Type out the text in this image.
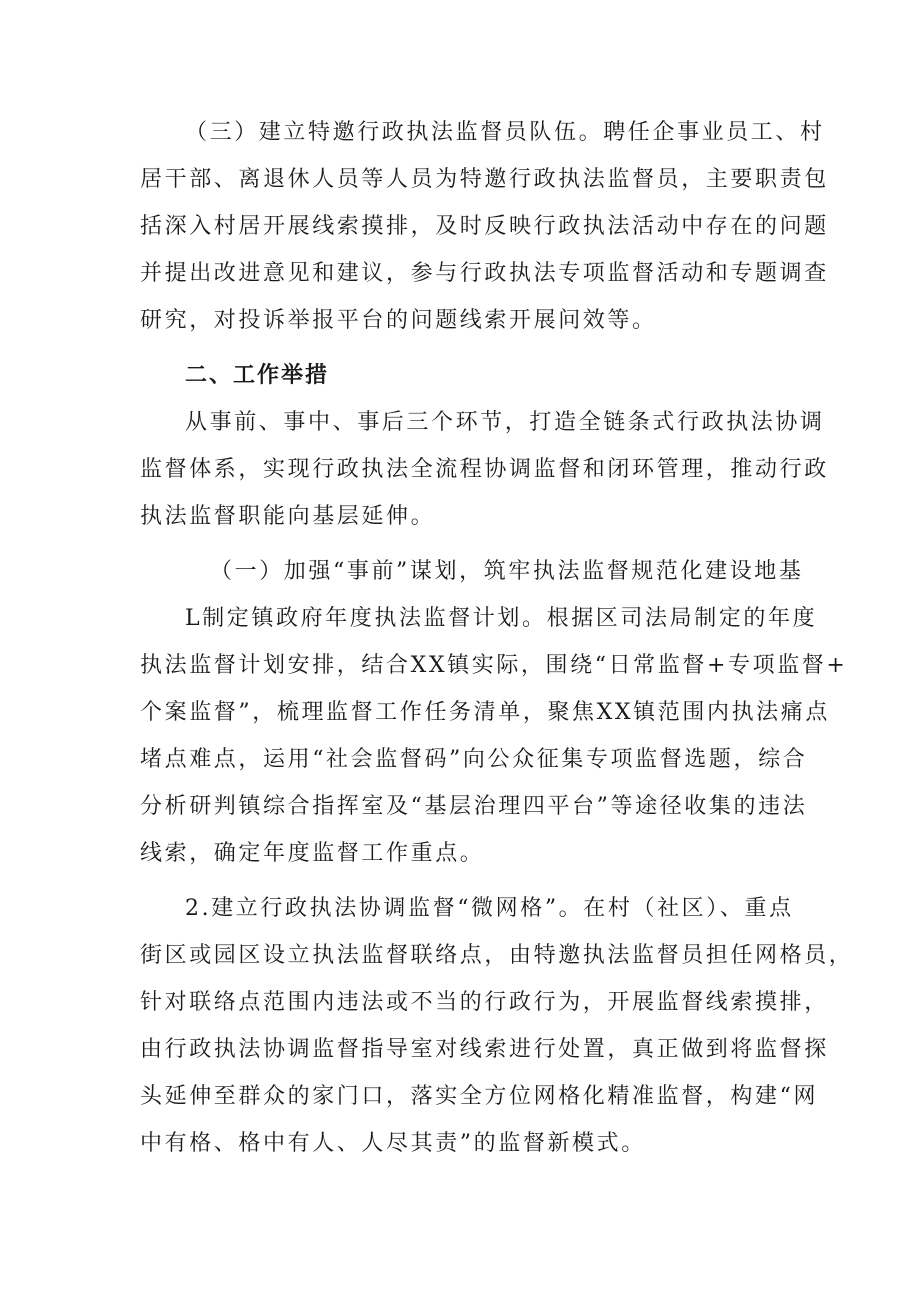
（三）建立特邀行政执法监督员队伍。聘任企事业员工、村
居干部、离退休人员等人员为特邀行政执法监督员，主要职责包
括深入村居开展线索摸排，及时反映行政执法活动中存在的问题
并提出改进意见和建议，参与行政执法专项监督活动和专题调查
研究，对投诉举报平台的问题线索开展问效等。
二、工作举措
从事前、事中、事后三个环节，打造全链条式行政执法协调
监督体系，实现行政执法全流程协调监督和闭环管理，推动行政
执法监督职能向基层延伸。
（一）加强“事前”谋划，筑牢执法监督规范化建设地基
L制定镇政府年度执法监督计划。根据区司法局制定的年度
执法监督计划安排，结合XX镇实际，围绕“日常监督+专项监督+
个案监督”，梳理监督工作任务清单，聚焦XX镇范围内执法痛点
堵点难点，运用“社会监督码”向公众征集专项监督选题，综合
分析研判镇综合指挥室及“基层治理四平台”等途径收集的违法
线索，确定年度监督工作重点。
2.建立行政执法协调监督“微网格”。在村（社区）、重点
街区或园区设立执法监督联络点，由特邀执法监督员担任网格员，
针对联络点范围内违法或不当的行政行为，开展监督线索摸排，
由行政执法协调监督指导室对线索进行处置，真正做到将监督探
头延伸至群众的家门口，落实全方位网格化精准监督，构建“网
中有格、格中有人、人尽其责”的监督新模式。
